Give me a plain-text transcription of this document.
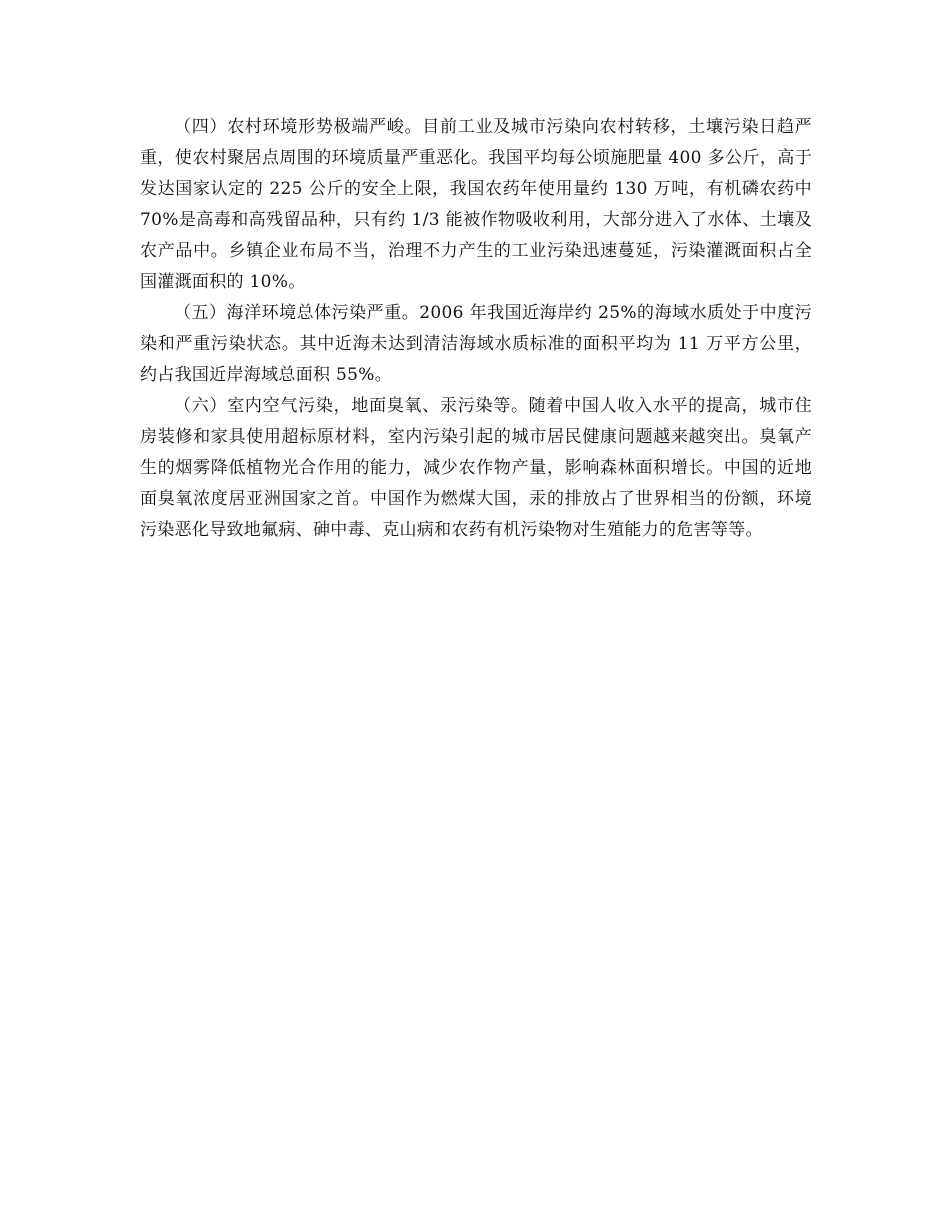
（四）农村环境形势极端严峻。目前工业及城市污染向农村转移，土壤污染日趋严重，使农村聚居点周围的环境质量严重恶化。我国平均每公顷施肥量 400 多公斤，高于发达国家认定的 225 公斤的安全上限，我国农药年使用量约 130 万吨，有机磷农药中 70%是高毒和高残留品种，只有约 1/3 能被作物吸收利用，大部分进入了水体、土壤及农产品中。乡镇企业布局不当，治理不力产生的工业污染迅速蔓延，污染灌溉面积占全国灌溉面积的 10%。

（五）海洋环境总体污染严重。2006 年我国近海岸约 25%的海域水质处于中度污染和严重污染状态。其中近海未达到清洁海域水质标准的面积平均为 11 万平方公里，约占我国近岸海域总面积 55%。

（六）室内空气污染，地面臭氧、汞污染等。随着中国人收入水平的提高，城市住房装修和家具使用超标原材料，室内污染引起的城市居民健康问题越来越突出。臭氧产生的烟雾降低植物光合作用的能力，减少农作物产量，影响森林面积增长。中国的近地面臭氧浓度居亚洲国家之首。中国作为燃煤大国，汞的排放占了世界相当的份额，环境污染恶化导致地氟病、砷中毒、克山病和农药有机污染物对生殖能力的危害等等。
